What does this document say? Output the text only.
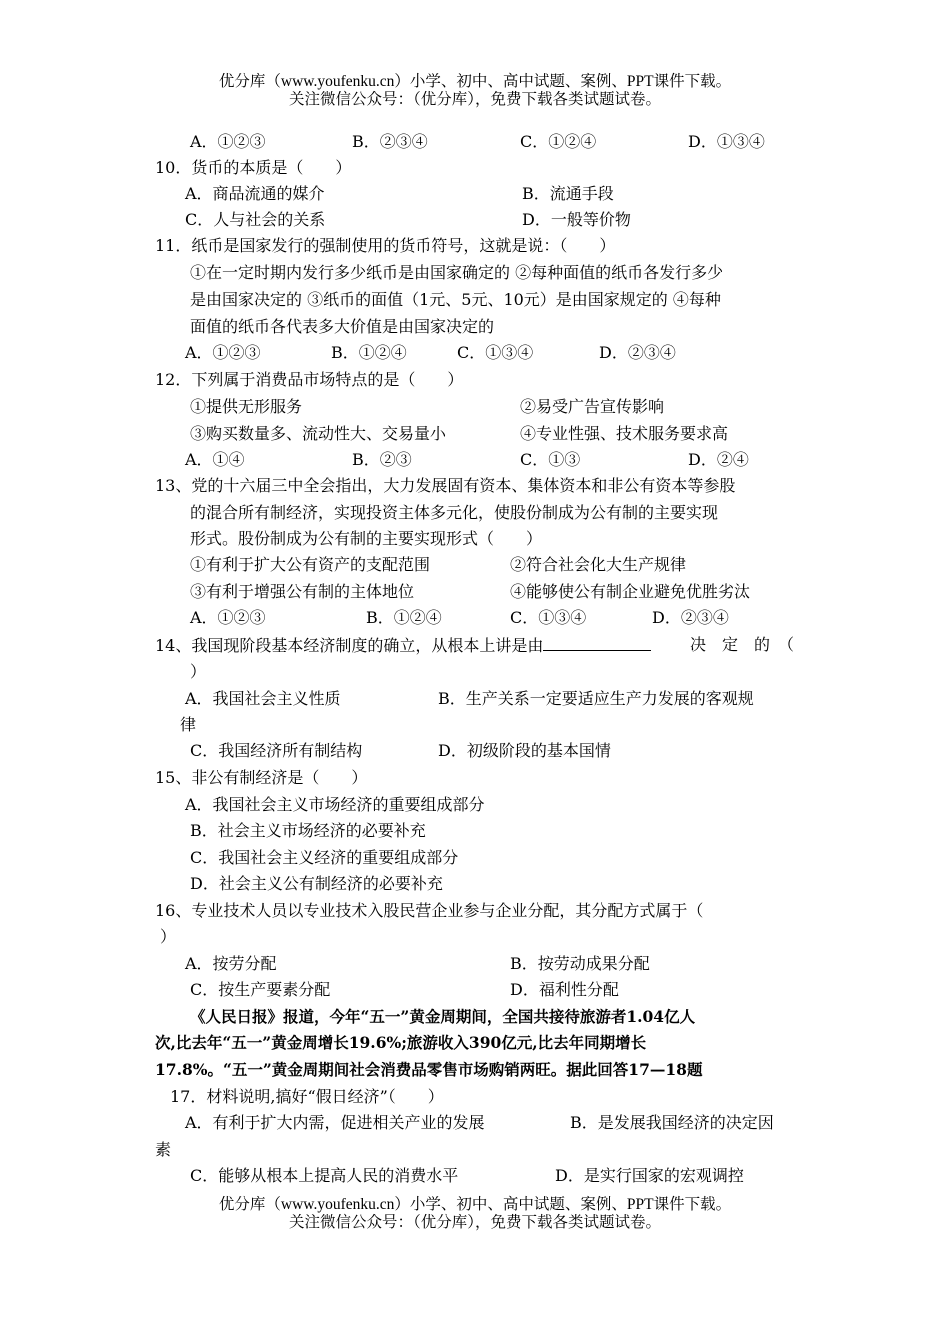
优分库（www.youfenku.cn）小学、初中、高中试题、案例、PPT课件下载。
关注微信公众号：（优分库），免费下载各类试题试卷。
A．①②③	B．②③④	C．①②④	D．①③④
10．货币的本质是（　　）
A．商品流通的媒介	B．流通手段
C．人与社会的关系	D．一般等价物
11．纸币是国家发行的强制使用的货币符号，这就是说：（　　）
①在一定时期内发行多少纸币是由国家确定的 ②每种面值的纸币各发行多少
是由国家决定的 ③纸币的面值（1元、5元、10元）是由国家规定的 ④每种
面值的纸币各代表多大价值是由国家决定的
A．①②③	B．①②④	C．①③④	D．②③④
12．下列属于消费品市场特点的是（　　）
①提供无形服务	②易受广告宣传影响
③购买数量多、流动性大、交易量小	④专业性强、技术服务要求高
A．①④	B．②③	C．①③	D．②④
13、党的十六届三中全会指出，大力发展固有资本、集体资本和非公有资本等参股
的混合所有制经济，实现投资主体多元化，使股份制成为公有制的主要实现
形式。股份制成为公有制的主要实现形式（　　）
①有利于扩大公有资产的支配范围	②符合社会化大生产规律
③有利于增强公有制的主体地位	④能够使公有制企业避免优胜劣汰
A．①②③	B．①②④	C．①③④	D．②③④
14、我国现阶段基本经济制度的确立，从根本上讲是由	决　定　的　（
）
A．我国社会主义性质	B．生产关系一定要适应生产力发展的客观规
律
C．我国经济所有制结构	D．初级阶段的基本国情
15、非公有制经济是（　　）
A．我国社会主义市场经济的重要组成部分
B．社会主义市场经济的必要补充
C．我国社会主义经济的重要组成部分
D．社会主义公有制经济的必要补充
16、专业技术人员以专业技术入股民营企业参与企业分配，其分配方式属于（
）
A．按劳分配	B．按劳动成果分配
C．按生产要素分配	D．福利性分配
《人民日报》报道，今年“五一”黄金周期间，全国共接待旅游者1.04亿人
次,比去年“五一”黄金周增长19.6%;旅游收入390亿元,比去年同期增长
17.8%。“五一”黄金周期间社会消费品零售市场购销两旺。据此回答17—18题
17．材料说明,搞好“假日经济”（　　）
A．有利于扩大内需，促进相关产业的发展	B．是发展我国经济的决定因
素
C．能够从根本上提高人民的消费水平	D．是实行国家的宏观调控
优分库（www.youfenku.cn）小学、初中、高中试题、案例、PPT课件下载。
关注微信公众号：（优分库），免费下载各类试题试卷。
